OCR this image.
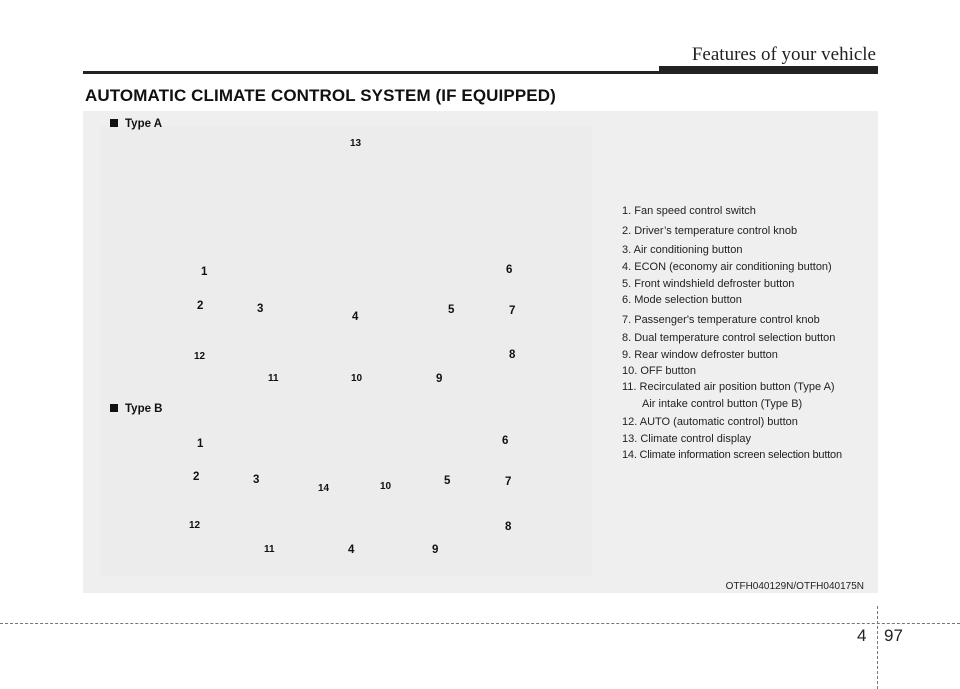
Features of your vehicle
AUTOMATIC CLIMATE CONTROL SYSTEM (IF EQUIPPED)
Type A
13
1	6
2	3
4
5	7
12	8
11	10	9
Type B
1	6
2	3
14	10	5	7
12	8
11	4	9
1. Fan speed control switch
2. Driver’s temperature control knob
3. Air conditioning button
4. ECON (economy air conditioning button)
5. Front windshield defroster button
6. Mode selection button
7. Passenger's temperature control knob
8. Dual temperature control selection button
9. Rear window defroster button
10. OFF button
11. Recirculated air position button (Type A)
Air intake control button (Type B)
12. AUTO (automatic control) button
13. Climate control display
14. Climate information screen selection button
OTFH040129N/OTFH040175N
4 97
